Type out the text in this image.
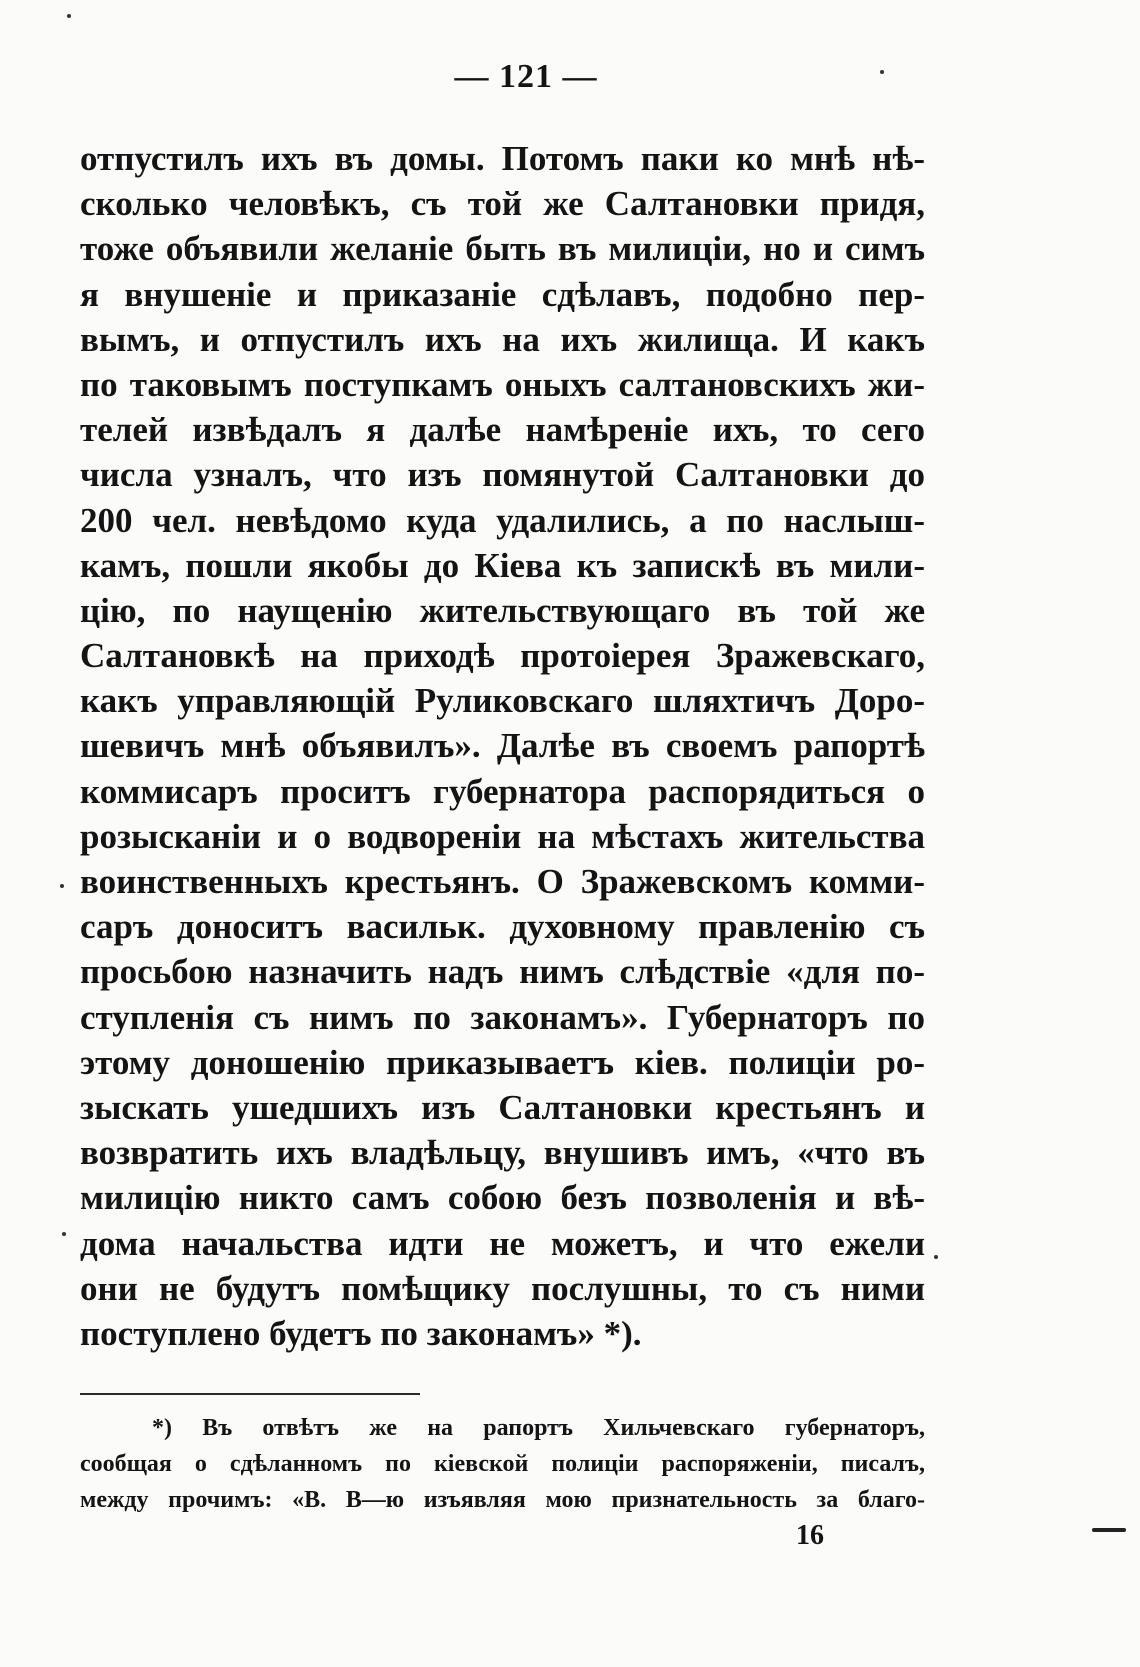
— 121 —
отпустилъ ихъ въ домы. Потомъ паки ко мнѣ нѣ-
сколько человѣкъ, съ той же Салтановки придя,
тоже объявили желаніе быть въ милиціи, но и симъ
я внушеніе и приказаніе сдѣлавъ, подобно пер-
вымъ, и отпустилъ ихъ на ихъ жилища. И какъ
по таковымъ поступкамъ оныхъ салтановскихъ жи-
телей извѣдалъ я далѣе намѣреніе ихъ, то сего
числа узналъ, что изъ помянутой Салтановки до
200 чел. невѣдомо куда удалились, а по наслыш-
камъ, пошли якобы до Кіева къ запискѣ въ мили-
цію, по наущенію жительствующаго въ той же
Салтановкѣ на приходѣ протоіерея Зражевскаго,
какъ управляющій Руликовскаго шляхтичъ Доро-
шевичъ мнѣ объявилъ». Далѣе въ своемъ рапортѣ
коммисаръ проситъ губернатора распорядиться о
розысканіи и о водвореніи на мѣстахъ жительства
воинственныхъ крестьянъ. О Зражевскомъ комми-
саръ доноситъ васильк. духовному правленію съ
просьбою назначить надъ нимъ слѣдствіе «для по-
ступленія съ нимъ по законамъ». Губернаторъ по
этому доношенію приказываетъ кіев. полиціи ро-
зыскать ушедшихъ изъ Салтановки крестьянъ и
возвратить ихъ владѣльцу, внушивъ имъ, «что въ
милицію никто самъ собою безъ позволенія и вѣ-
дома начальства идти не можетъ, и что ежели
они не будутъ помѣщику послушны, то съ ними
поступлено будетъ по законамъ» *).
*) Въ отвѣтъ же на рапортъ Хильчевскаго губернаторъ,
сообщая о сдѣланномъ по кіевской полиціи распоряженіи, писалъ,
между прочимъ: «В. В—ю изъявляя мою признательность за благо-
16
